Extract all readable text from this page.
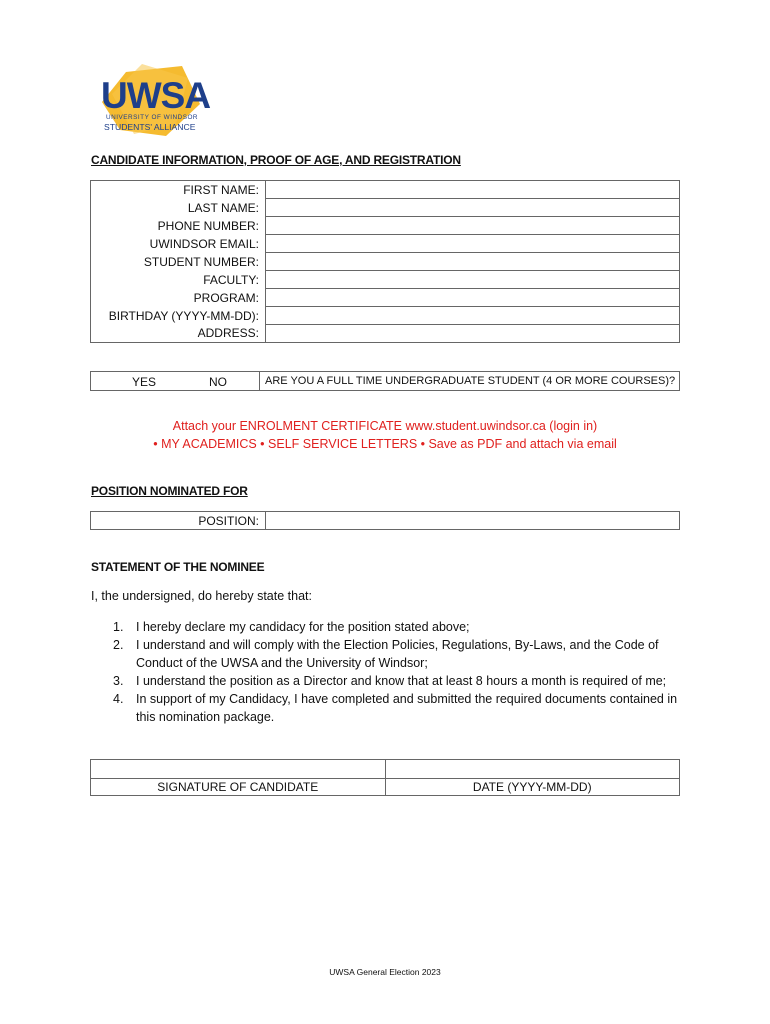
UWSA
UNIVERSITY OF WINDSOR
STUDENTS' ALLIANCE
CANDIDATE INFORMATION, PROOF OF AGE, AND REGISTRATION
FIRST NAME:	
LAST NAME:	
PHONE NUMBER:	
UWINDSOR EMAIL:	
STUDENT NUMBER:	
FACULTY:	
PROGRAM:	
BIRTHDAY (YYYY-MM-DD):	
ADDRESS:	
YES	NO	ARE YOU A FULL TIME UNDERGRADUATE STUDENT (4 OR MORE COURSES)?
Attach your ENROLMENT CERTIFICATE www.student.uwindsor.ca (login in)
• MY ACADEMICS • SELF SERVICE LETTERS • Save as PDF and attach via email
POSITION NOMINATED FOR
POSITION:	
STATEMENT OF THE NOMINEE
I, the undersigned, do hereby state that:
1. I hereby declare my candidacy for the position stated above;
2. I understand and will comply with the Election Policies, Regulations, By-Laws, and the Code of Conduct of the UWSA and the University of Windsor;
3. I understand the position as a Director and know that at least 8 hours a month is required of me;
4. In support of my Candidacy, I have completed and submitted the required documents contained in this nomination package.

SIGNATURE OF CANDIDATE	DATE (YYYY-MM-DD)
UWSA General Election 2023
